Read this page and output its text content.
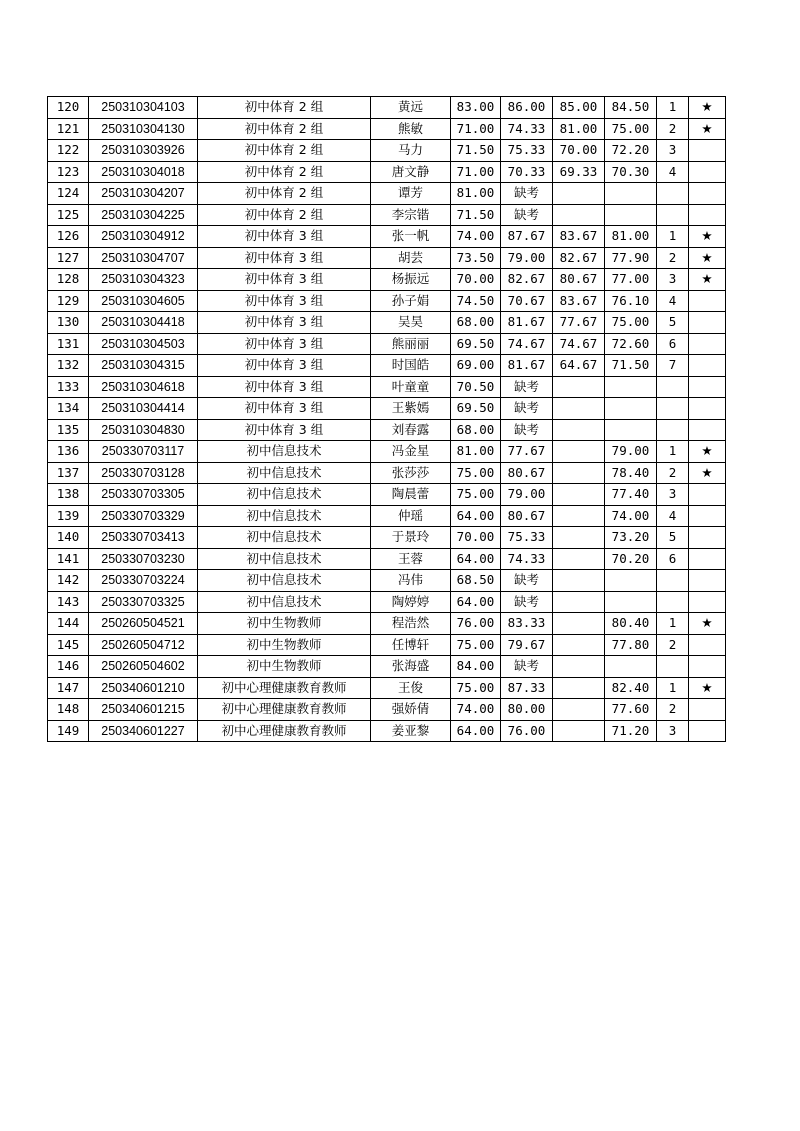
120	250310304103	初中体育 2 组	黄远	83.00	86.00	85.00	84.50	1	★
121	250310304130	初中体育 2 组	熊敏	71.00	74.33	81.00	75.00	2	★
122	250310303926	初中体育 2 组	马力	71.50	75.33	70.00	72.20	3	
123	250310304018	初中体育 2 组	唐文静	71.00	70.33	69.33	70.30	4	
124	250310304207	初中体育 2 组	谭芳	81.00	缺考				
125	250310304225	初中体育 2 组	李宗锴	71.50	缺考				
126	250310304912	初中体育 3 组	张一帆	74.00	87.67	83.67	81.00	1	★
127	250310304707	初中体育 3 组	胡芸	73.50	79.00	82.67	77.90	2	★
128	250310304323	初中体育 3 组	杨振远	70.00	82.67	80.67	77.00	3	★
129	250310304605	初中体育 3 组	孙子娟	74.50	70.67	83.67	76.10	4	
130	250310304418	初中体育 3 组	吴昊	68.00	81.67	77.67	75.00	5	
131	250310304503	初中体育 3 组	熊丽丽	69.50	74.67	74.67	72.60	6	
132	250310304315	初中体育 3 组	时国皓	69.00	81.67	64.67	71.50	7	
133	250310304618	初中体育 3 组	叶童童	70.50	缺考				
134	250310304414	初中体育 3 组	王紫嫣	69.50	缺考				
135	250310304830	初中体育 3 组	刘春露	68.00	缺考				
136	250330703117	初中信息技术	冯金星	81.00	77.67		79.00	1	★
137	250330703128	初中信息技术	张莎莎	75.00	80.67		78.40	2	★
138	250330703305	初中信息技术	陶晨蕾	75.00	79.00		77.40	3	
139	250330703329	初中信息技术	仲瑶	64.00	80.67		74.00	4	
140	250330703413	初中信息技术	于景玲	70.00	75.33		73.20	5	
141	250330703230	初中信息技术	王蓉	64.00	74.33		70.20	6	
142	250330703224	初中信息技术	冯伟	68.50	缺考				
143	250330703325	初中信息技术	陶婷婷	64.00	缺考				
144	250260504521	初中生物教师	程浩然	76.00	83.33		80.40	1	★
145	250260504712	初中生物教师	任博轩	75.00	79.67		77.80	2	
146	250260504602	初中生物教师	张海盛	84.00	缺考				
147	250340601210	初中心理健康教育教师	王俊	75.00	87.33		82.40	1	★
148	250340601215	初中心理健康教育教师	强娇倩	74.00	80.00		77.60	2	
149	250340601227	初中心理健康教育教师	姜亚黎	64.00	76.00		71.20	3	
